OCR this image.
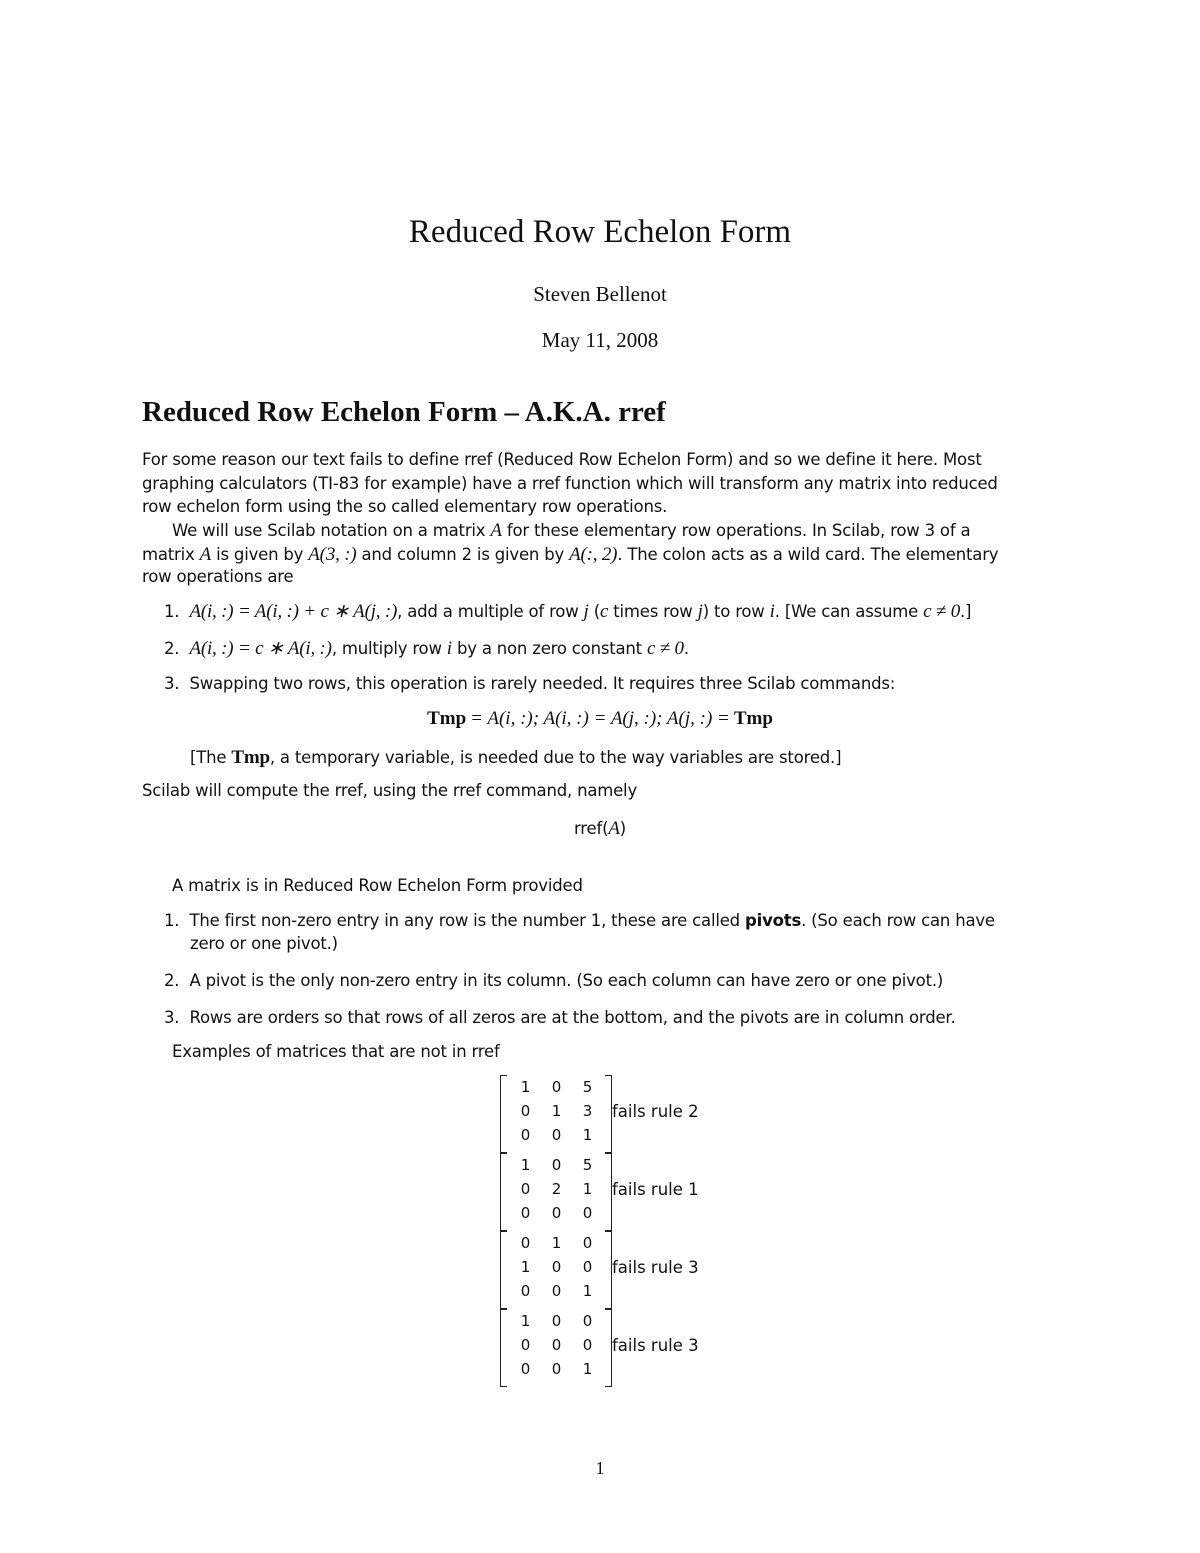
Reduced Row Echelon Form
Steven Bellenot
May 11, 2008
Reduced Row Echelon Form – A.K.A. rref
For some reason our text fails to define rref (Reduced Row Echelon Form) and so we define it here. Most
graphing calculators (TI-83 for example) have a rref function which will transform any matrix into reduced
row echelon form using the so called elementary row operations.
We will use Scilab notation on a matrix A for these elementary row operations. In Scilab, row 3 of a
matrix A is given by A(3, :) and column 2 is given by A(:, 2). The colon acts as a wild card. The elementary
row operations are
1. A(i, :) = A(i, :) + c ∗ A(j, :), add a multiple of row j (c times row j) to row i. [We can assume c ≠ 0.]
2. A(i, :) = c ∗ A(i, :), multiply row i by a non zero constant c ≠ 0.
3. Swapping two rows, this operation is rarely needed. It requires three Scilab commands:
Tmp = A(i, :); A(i, :) = A(j, :); A(j, :) = Tmp
[The Tmp, a temporary variable, is needed due to the way variables are stored.]
Scilab will compute the rref, using the rref command, namely
rref(A)
A matrix is in Reduced Row Echelon Form provided
1. The first non-zero entry in any row is the number 1, these are called pivots. (So each row can have
zero or one pivot.)
2. A pivot is the only non-zero entry in its column. (So each column can have zero or one pivot.)
3. Rows are orders so that rows of all zeros are at the bottom, and the pivots are in column order.
Examples of matrices that are not in rref
1	0	5
0	1	3
0	0	1
fails rule 2
1	0	5
0	2	1
0	0	0
fails rule 1
0	1	0
1	0	0
0	0	1
fails rule 3
1	0	0
0	0	0
0	0	1
fails rule 3
1
